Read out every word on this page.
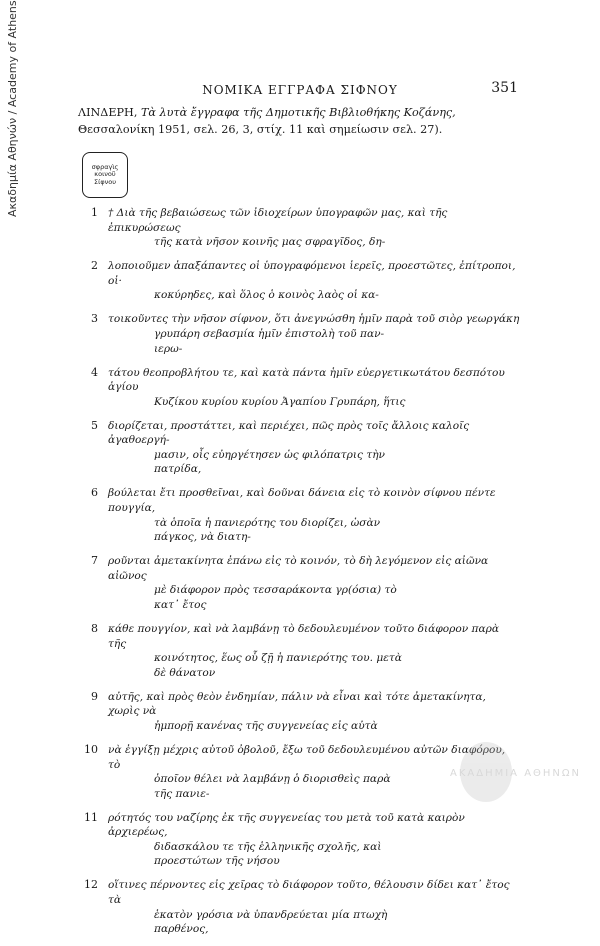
Ακαδημία Αθηνών / Academy of Athens	ΝΟΜΙΚΑ ΕΓΓΡΑΦΑ ΣΙΦΝΟΥ	351
ΛΙΝΔΕΡΗ, Τὰ λυτὰ ἔγγραφα τῆς Δημοτικῆς Βιβλιοθήκης Κοζάνης, Θεσσαλονίκη 1951, σελ. 26, 3, στίχ. 11 καὶ σημείωσιν σελ. 27).
σφραγὶς
κοινοῦ
Σίφνου
1 † Διὰ τῆς βεβαιώσεως τῶν ἰδιοχείρων ὑπογραφῶν μας, καὶ τῆς ἐπικυρώσεως
τῆς κατὰ νῆσον κοινῆς μας σφραγῖδος, δη-
2 λοποιοῦμεν ἁπαξάπαντες οἱ ὑπογραφόμενοι ἱερεῖς, προεστῶτες, ἐπίτροποι, οἱ·
κοκύρηδες, καὶ ὅλος ὁ κοινὸς λαὸς οἱ κα-
3 τοικοῦντες τὴν νῆσον σίφνον, ὅτι ἀνεγνώσθη ἡμῖν παρὰ τοῦ σιὸρ γεωργάκη
γρυπάρη σεβασμία ἡμῖν ἐπιστολὴ τοῦ παν-
ιερω-
4 τάτου θεοπροβλήτου τε, καὶ κατὰ πάντα ἡμῖν εὐεργετικωτάτου δεσπότου ἁγίου
Κυζίκου κυρίου κυρίου Ἀγαπίου Γρυπάρη, ἥτις
5 διορίζεται, προστάττει, καὶ περιέχει, πῶς πρὸς τοῖς ἄλλοις καλοῖς ἀγαθοεργή-
μασιν, οἷς εὐηργέτησεν ὡς φιλόπατρις τὴν
πατρίδα,
6 βούλεται ἔτι προσθεῖναι, καὶ δοῦναι δάνεια εἰς τὸ κοινὸν σίφνου πέντε πουγγία,
τὰ ὁποῖα ἡ πανιερότης του διορίζει, ὡσὰν
πάγκος, νὰ διατη-
7 ροῦνται ἀμετακίνητα ἐπάνω εἰς τὸ κοινόν, τὸ δὴ λεγόμενον εἰς αἰῶνα αἰῶνος
μὲ διάφορον πρὸς τεσσαράκοντα γρ(όσια) τὸ
κατ᾽ ἔτος
8 κάθε πουγγίον, καὶ νὰ λαμβάνῃ τὸ δεδουλευμένον τοῦτο διάφορον παρὰ τῆς
κοινότητος, ἕως οὗ ζῇ ἡ πανιερότης του. μετὰ
δὲ θάνατον
9 αὐτῆς, καὶ πρὸς θεὸν ἐνδημίαν, πάλιν νὰ εἶναι καὶ τότε ἀμετακίνητα, χωρὶς νὰ
ἠμπορῇ κανένας τῆς συγγενείας εἰς αὐτὰ
10 νὰ ἐγγίξῃ μέχρις αὐτοῦ ὀβολοῦ, ἔξω τοῦ δεδουλευμένου αὐτῶν διαφόρου, τὸ
ὁποῖον θέλει νὰ λαμβάνῃ ὁ διορισθεὶς παρὰ
τῆς πανιε-
11 ρότητός του ναζίρης ἐκ τῆς συγγενείας του μετὰ τοῦ κατὰ καιρὸν ἀρχιερέως,
διδασκάλου τε τῆς ἑλληνικῆς σχολῆς, καὶ
προεστώτων τῆς νήσου
12 οἵτινες πέρνοντες εἰς χεῖρας τὸ διάφορον τοῦτο, θέλουσιν δίδει κατ᾽ ἔτος τὰ
ἑκατὸν γρόσια νὰ ὑπανδρεύεται μία πτωχὴ
παρθένος,
ΑΚΑΔΗΜΙΑ ΑΘΗΝΩΝ
